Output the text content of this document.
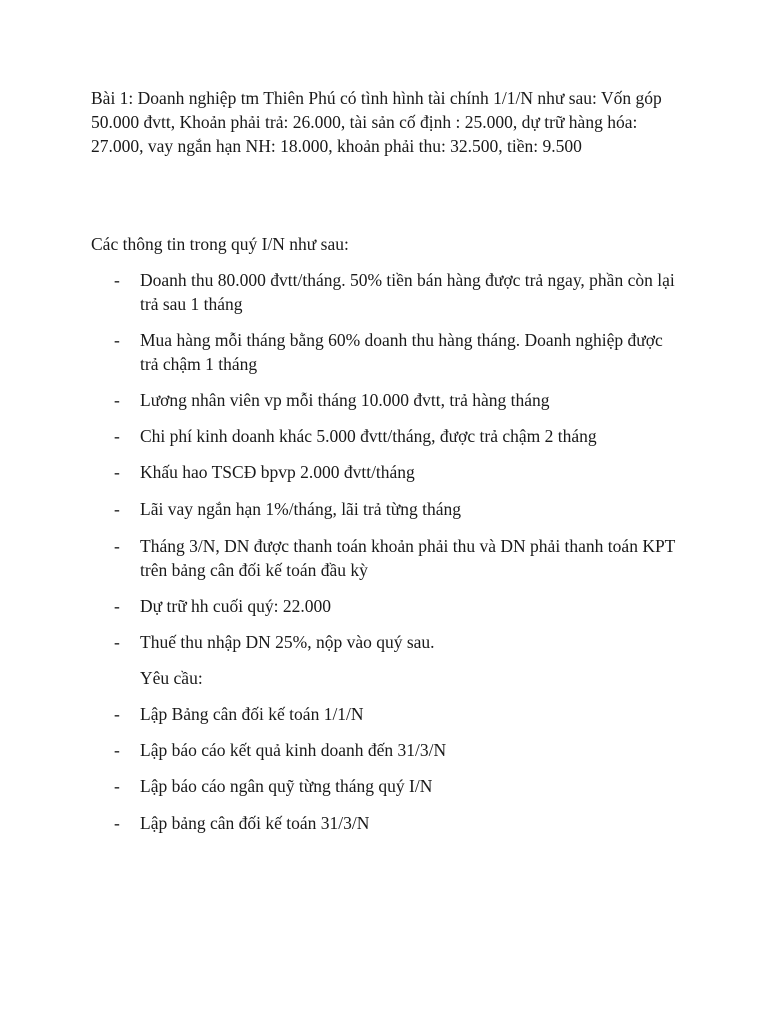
Bài 1: Doanh nghiệp tm Thiên Phú có tình hình tài chính 1/1/N như sau: Vốn góp 50.000 đvtt, Khoản phải trả: 26.000, tài sản cố định : 25.000, dự trữ hàng hóa: 27.000, vay ngắn hạn NH: 18.000, khoản phải thu: 32.500, tiền: 9.500

Các thông tin trong quý I/N như sau:

- Doanh thu 80.000 đvtt/tháng. 50% tiền bán hàng được trả ngay, phần còn lại trả sau 1 tháng
- Mua hàng mỗi tháng bằng 60% doanh thu hàng tháng. Doanh nghiệp được trả chậm 1 tháng
- Lương nhân viên vp mỗi tháng 10.000 đvtt, trả hàng tháng
- Chi phí kinh doanh khác 5.000 đvtt/tháng, được trả chậm 2 tháng
- Khấu hao TSCĐ bpvp 2.000 đvtt/tháng
- Lãi vay ngắn hạn 1%/tháng, lãi trả từng tháng
- Tháng 3/N, DN được thanh toán khoản phải thu và DN phải thanh toán KPT trên bảng cân đối kế toán đầu kỳ
- Dự trữ hh cuối quý: 22.000
- Thuế thu nhập DN 25%, nộp vào quý sau.

Yêu cầu:

- Lập Bảng cân đối kế toán 1/1/N
- Lập báo cáo kết quả kinh doanh đến 31/3/N
- Lập báo cáo ngân quỹ từng tháng quý I/N
- Lập bảng cân đối kế toán 31/3/N
